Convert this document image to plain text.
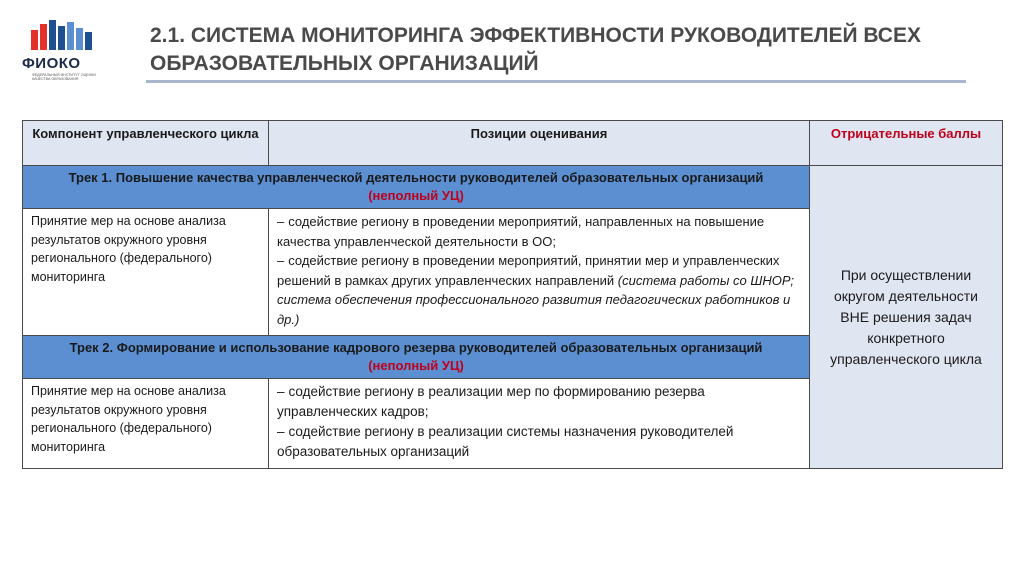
ФИОКО
ФЕДЕРАЛЬНЫЙ ИНСТИТУТ ОЦЕНКИ КАЧЕСТВА ОБРАЗОВАНИЯ
2.1. СИСТЕМА МОНИТОРИНГА ЭФФЕКТИВНОСТИ РУКОВОДИТЕЛЕЙ ВСЕХ
ОБРАЗОВАТЕЛЬНЫХ ОРГАНИЗАЦИЙ
Компонент управленческого цикла	Позиции оценивания	Отрицательные баллы

Трек 1. Повышение качества управленческой деятельности руководителей образовательных организаций
(неполный УЦ)		При осуществлении округом деятельности ВНЕ решения задач конкретного управленческого цикла
Принятие мер на основе анализа результатов окружного уровня регионального (федерального) мониторинга	– содействие региону в проведении мероприятий, направленных на повышение качества управленческой деятельности в ОО;
– содействие региону в проведении мероприятий, принятии мер и управленческих решений в рамках других управленческих направлений (система работы со ШНОР; система обеспечения профессионального развития педагогических работников и др.)	

Трек 2. Формирование и использование кадрового резерва руководителей образовательных организаций
(неполный УЦ)		

Принятие мер на основе анализа результатов окружного уровня регионального (федерального) мониторинга	– содействие региону в реализации мер по формированию резерва управленческих кадров;
– содействие региону в реализации системы назначения руководителей образовательных организаций	
